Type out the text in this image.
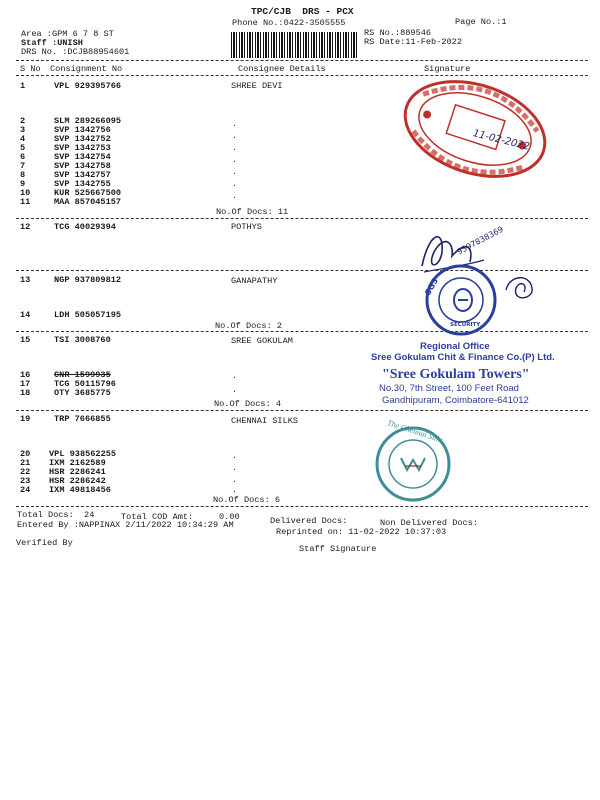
TPC/CJB  DRS - PCX
Phone No.:0422-3505555	Page No.:1
Area :GPM 6 7 8 ST
Staff :UNISH
DRS No. :DCJB88954601
RS No.:889546
RS Date:11-Feb-2022
S No Consignment No	Consignee Details	Signature
1	VPL 929395766	SHREE DEVI
2	SLM 289266095
3	SVP 1342756
4	SVP 1342752
5	SVP 1342753
6	SVP 1342754
7	SVP 1342758
8	SVP 1342757
9	SVP 1342755
10	KUR 525667500
11	MAA 857045157
.
.
.
.
.
.
.
No.Of Docs: 11
12	TCG 40029394	POTHYS
13	NGP 937809812	GANAPATHY
14	LDH 505057195
No.Of Docs: 2
15	TSI 3008760	SREE GOKULAM
16	CNR 1599935
17	TCG 50115796
18	OTY 3685775
.
.
No.Of Docs: 4
19	TRP 7666855	CHENNAI SILKS
20 VPL 938562255
21 IXM 2162589
22 HSR 2286241
23 HSR 2286242
24 IXM 49818456
.
.
.
.
No.Of Docs: 6
Total Docs:  24	Total COD Amt:     0.00	Delivered Docs:	Non Delivered Docs:
Entered By :NAPPINAX 2/11/2022 10:34:29 AM
Reprinted on: 11-02-2022 10:37:03
Verified By
Staff Signature
11-02-2022
9597838369
SGS
SECURITY
Regional Office
Sree Gokulam Chit & Finance Co.(P) Ltd.
"Sree Gokulam Towers"
No.30, 7th Street, 100 Feet Road
Gandhipuram, Coimbatore-641012
The Chennai Silks
